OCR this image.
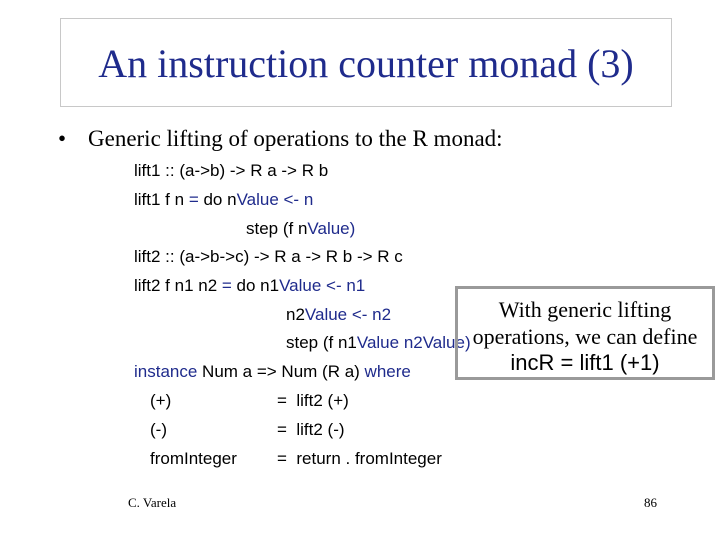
An instruction counter monad (3)
• Generic lifting of operations to the R monad:
lift1 :: (a->b) -> R a -> R b
lift1 f n = do nValue <- n
step (f nValue)
lift2 :: (a->b->c) -> R a -> R b -> R c
lift2 f n1 n2 = do n1Value <- n1
n2Value <- n2
step (f n1Value n2Value)
instance Num a => Num (R a) where
(+)	=  lift2 (+)
(-)	=  lift2 (-)
fromInteger =  return . fromInteger
With generic lifting
operations, we can define
incR = lift1 (+1)
C. Varela	86
